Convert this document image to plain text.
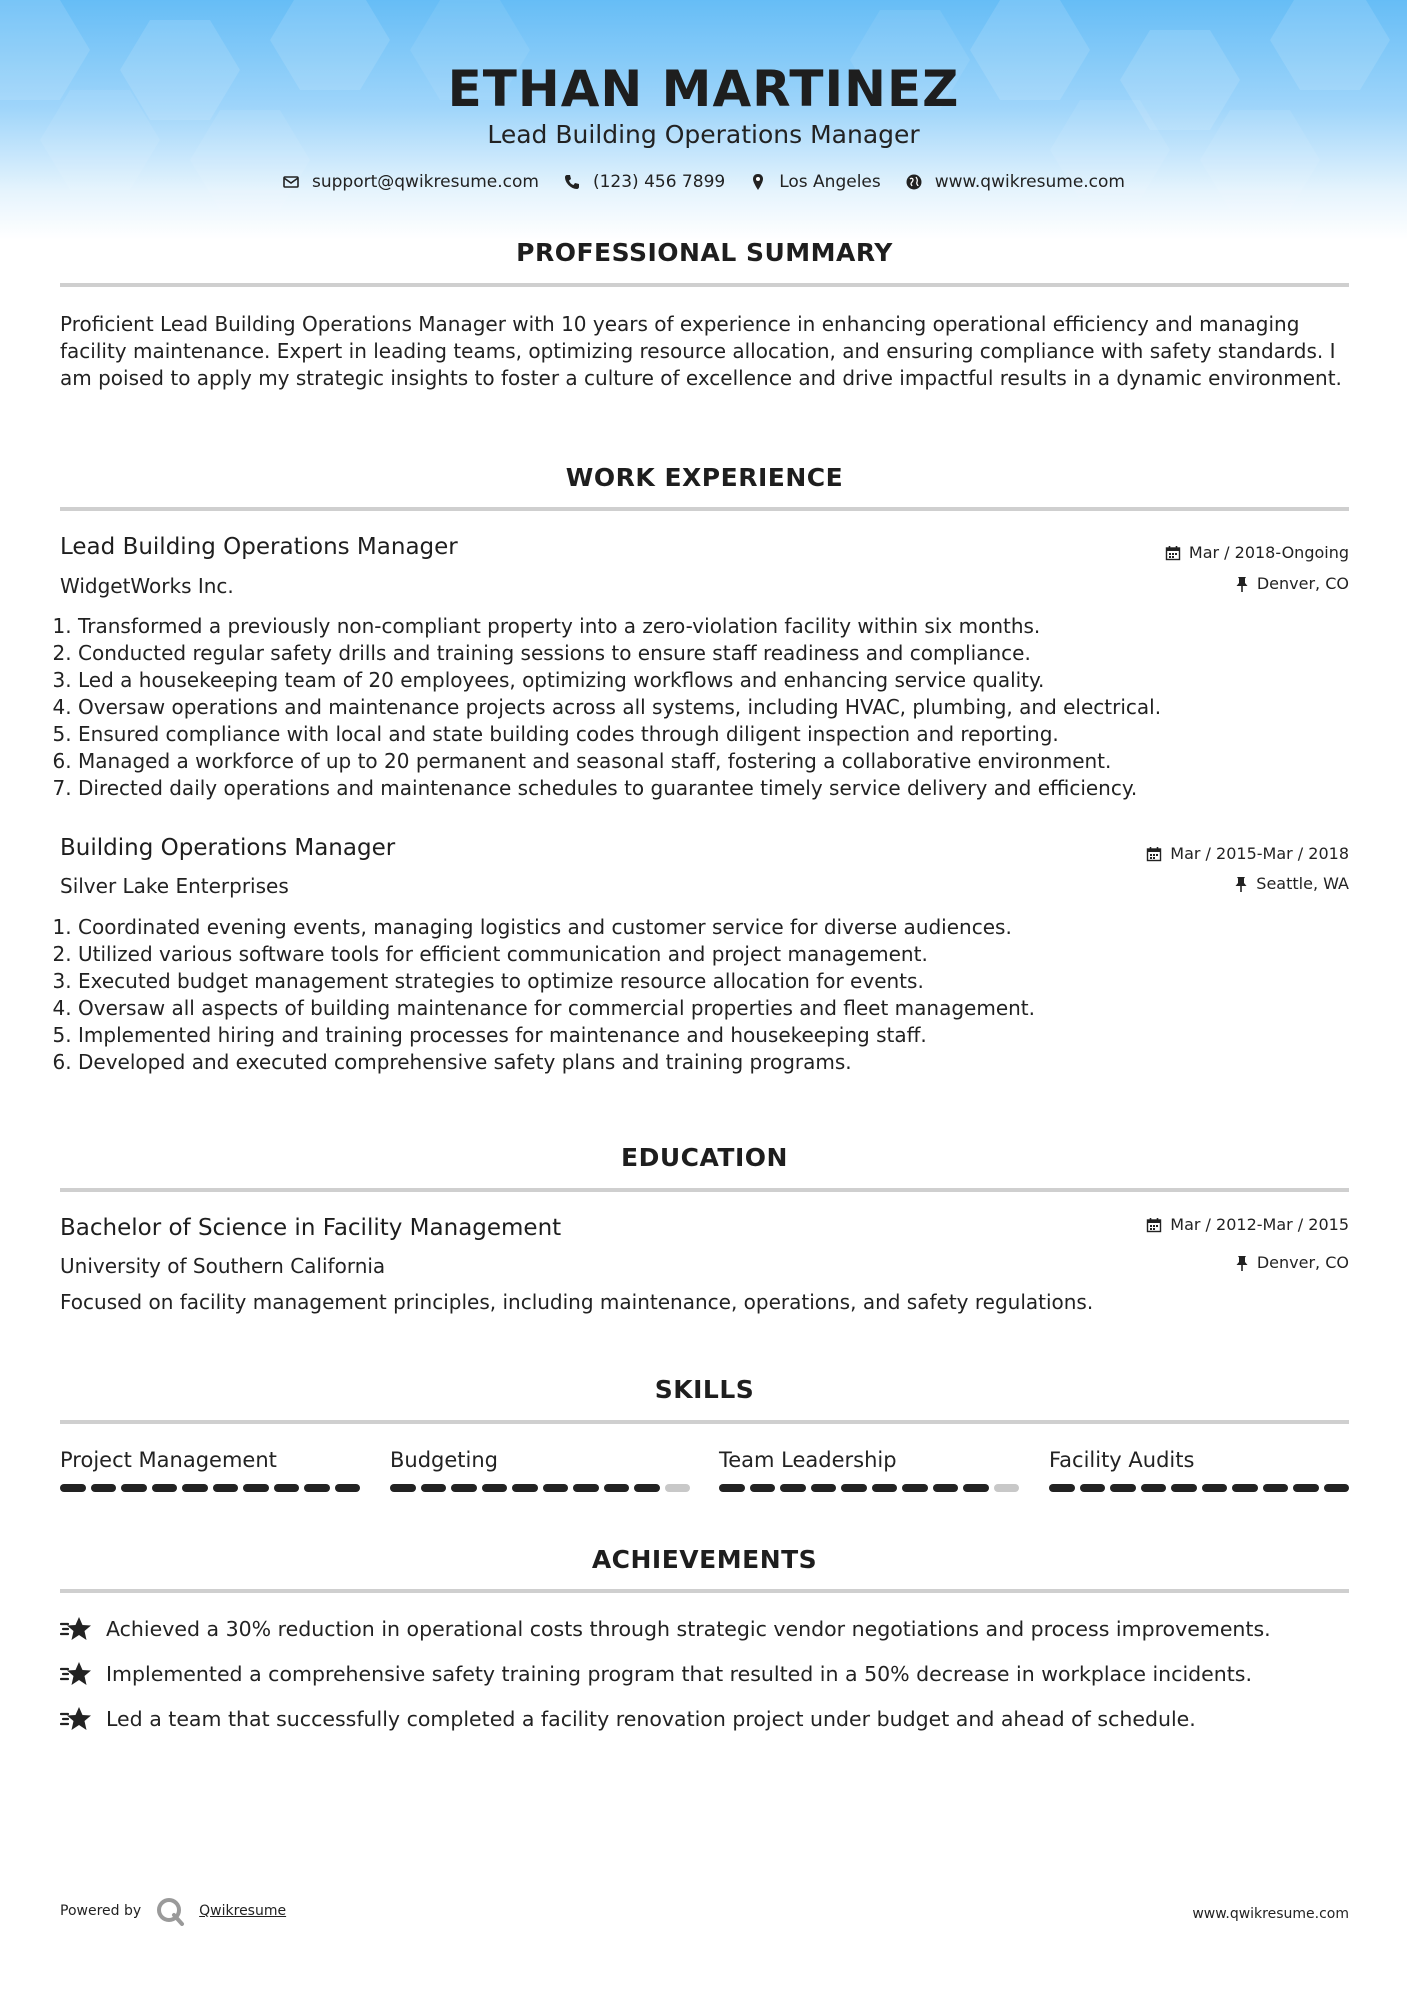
ETHAN MARTINEZ
Lead Building Operations Manager
support@qwikresume.com	(123) 456 7899	Los Angeles	www.qwikresume.com
PROFESSIONAL SUMMARY
Proficient Lead Building Operations Manager with 10 years of experience in enhancing operational efficiency and managing facility maintenance. Expert in leading teams, optimizing resource allocation, and ensuring compliance with safety standards. I am poised to apply my strategic insights to foster a culture of excellence and drive impactful results in a dynamic environment.
WORK EXPERIENCE
Lead Building Operations Manager
WidgetWorks Inc.
Mar / 2018-Ongoing
Denver, CO
1. Transformed a previously non-compliant property into a zero-violation facility within six months.
2. Conducted regular safety drills and training sessions to ensure staff readiness and compliance.
3. Led a housekeeping team of 20 employees, optimizing workflows and enhancing service quality.
4. Oversaw operations and maintenance projects across all systems, including HVAC, plumbing, and electrical.
5. Ensured compliance with local and state building codes through diligent inspection and reporting.
6. Managed a workforce of up to 20 permanent and seasonal staff, fostering a collaborative environment.
7. Directed daily operations and maintenance schedules to guarantee timely service delivery and efficiency.
Building Operations Manager
Silver Lake Enterprises
Mar / 2015-Mar / 2018
Seattle, WA
1. Coordinated evening events, managing logistics and customer service for diverse audiences.
2. Utilized various software tools for efficient communication and project management.
3. Executed budget management strategies to optimize resource allocation for events.
4. Oversaw all aspects of building maintenance for commercial properties and fleet management.
5. Implemented hiring and training processes for maintenance and housekeeping staff.
6. Developed and executed comprehensive safety plans and training programs.
EDUCATION
Bachelor of Science in Facility Management
University of Southern California
Mar / 2012-Mar / 2015
Denver, CO
Focused on facility management principles, including maintenance, operations, and safety regulations.
SKILLS
Project Management	Budgeting	Team Leadership	Facility Audits
ACHIEVEMENTS
Achieved a 30% reduction in operational costs through strategic vendor negotiations and process improvements.
Implemented a comprehensive safety training program that resulted in a 50% decrease in workplace incidents.
Led a team that successfully completed a facility renovation project under budget and ahead of schedule.
Powered by	Qwikresume	www.qwikresume.com
